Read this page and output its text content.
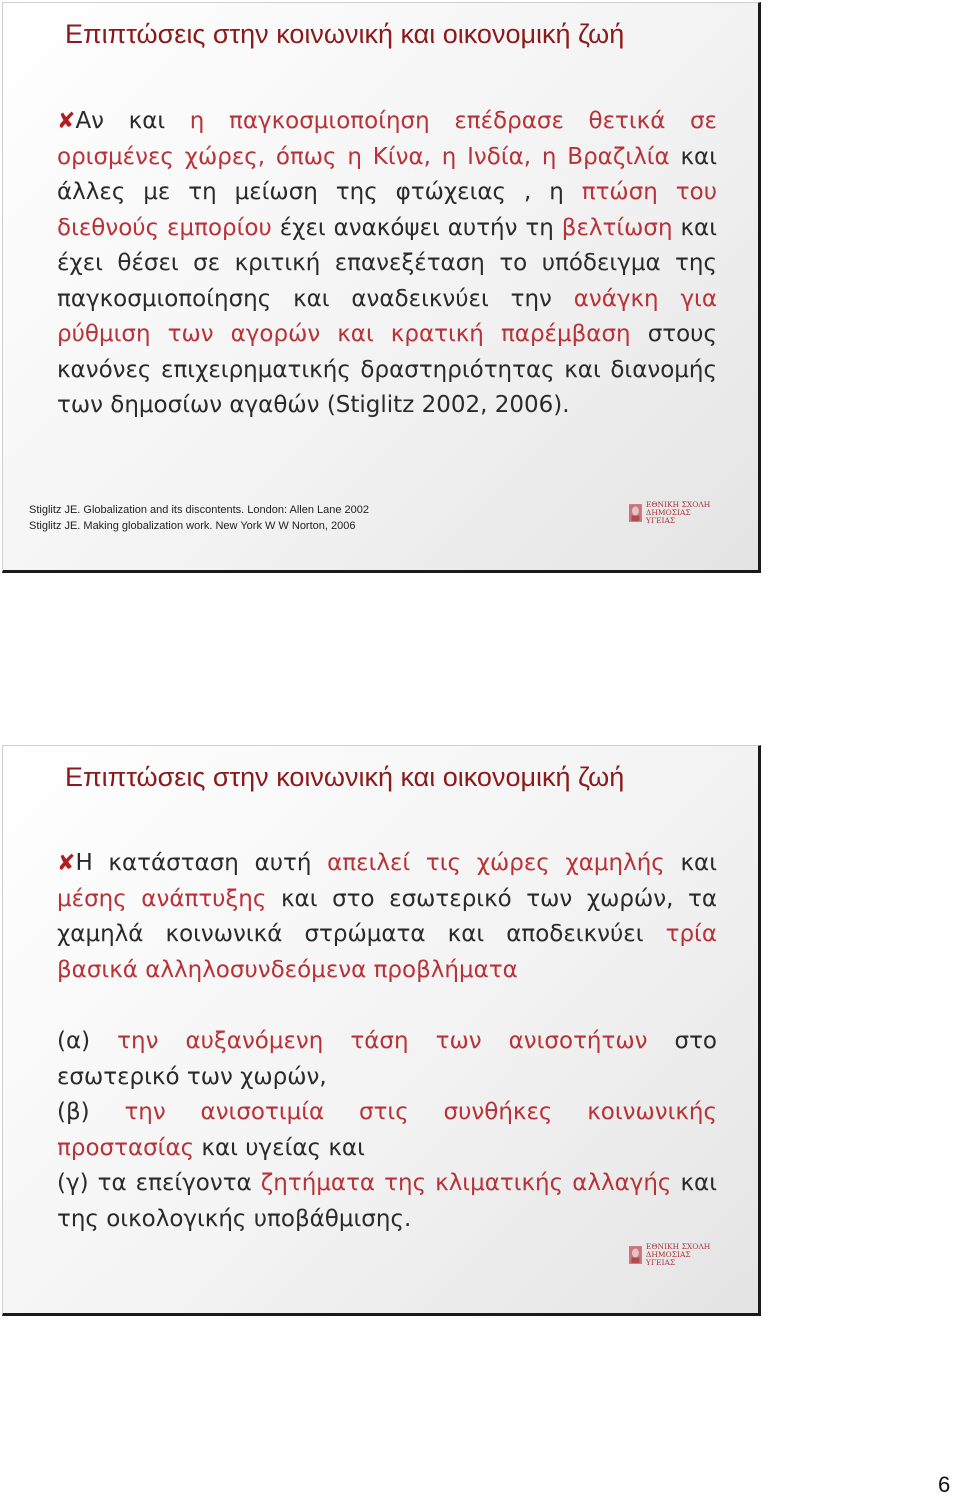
Επιπτώσεις στην κοινωνική και οικονομική ζωή

✘Αν και η παγκοσμιοποίηση επέδρασε θετικά σε ορισμένες χώρες, όπως η Κίνα, η Ινδία, η Βραζιλία και άλλες με τη μείωση της φτώχειας , η πτώση του διεθνούς εμπορίου έχει ανακόψει αυτήν τη βελτίωση και έχει θέσει σε κριτική επανεξέταση το υπόδειγμα της παγκοσμιοποίησης και αναδεικνύει την ανάγκη για ρύθμιση των αγορών και κρατική παρέμβαση στους κανόνες επιχειρηματικής δραστηριότητας και διανομής των δημοσίων αγαθών (Stiglitz 2002, 2006).

Stiglitz JE. Globalization and its discontents. London: Allen Lane 2002
Stiglitz JE. Making globalization work. New York W W Norton, 2006
ΕΘΝΙΚΗ ΣΧΟΛΗ ΔΗΜΟΣΙΑΣ ΥΓΕΙΑΣ
Επιπτώσεις στην κοινωνική και οικονομική ζωή

✘Η κατάσταση αυτή απειλεί τις χώρες χαμηλής και μέσης ανάπτυξης και στο εσωτερικό των χωρών, τα χαμηλά κοινωνικά στρώματα και αποδεικνύει τρία βασικά αλληλοσυνδεόμενα προβλήματα

(α) την αυξανόμενη τάση των ανισοτήτων στο εσωτερικό των χωρών,

(β) την ανισοτιμία στις συνθήκες κοινωνικής προστασίας και υγείας και

(γ) τα επείγοντα ζητήματα της κλιματικής αλλαγής και της οικολογικής υποβάθμισης.

ΕΘΝΙΚΗ ΣΧΟΛΗ ΔΗΜΟΣΙΑΣ ΥΓΕΙΑΣ

6
